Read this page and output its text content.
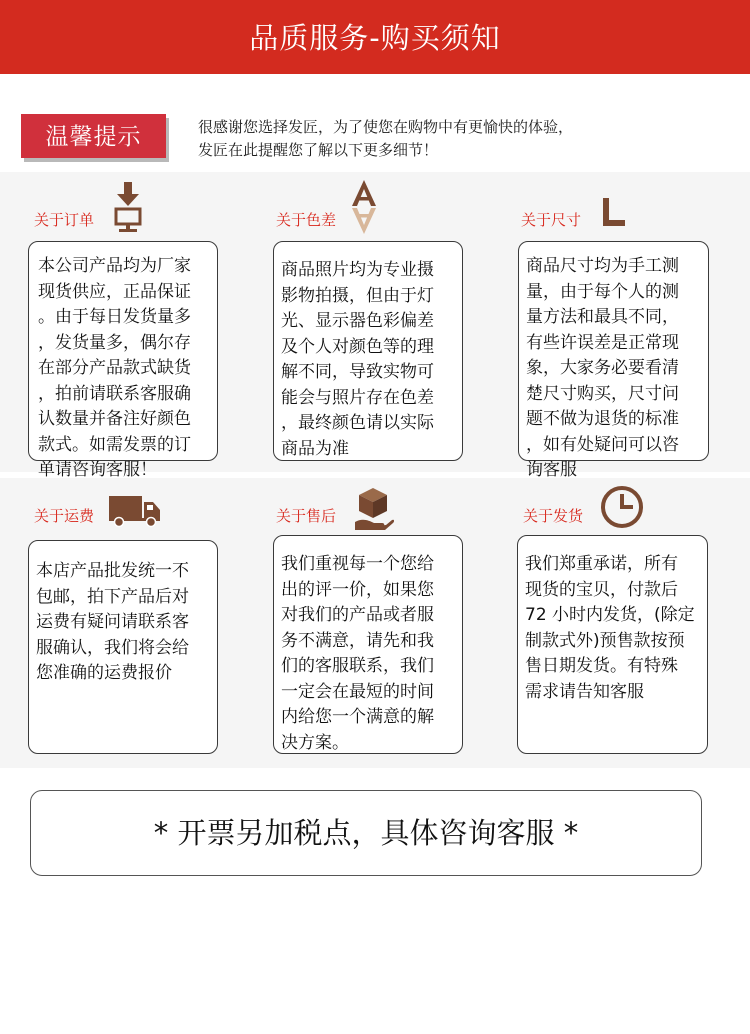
品质服务-购买须知
温馨提示	很感谢您选择发匠，为了使您在购物中有更愉快的体验，
发匠在此提醒您了解以下更多细节！
关于订单
本公司产品均为厂家
现货供应，正品保证
。由于每日发货量多
，发货量多，偶尔存
在部分产品款式缺货
，拍前请联系客服确
认数量并备注好颜色
款式。如需发票的订
单请咨询客服！
关于色差
商品照片均为专业摄
影物拍摄，但由于灯
光、显示器色彩偏差
及个人对颜色等的理
解不同，导致实物可
能会与照片存在色差
，最终颜色请以实际
商品为准
关于尺寸
商品尺寸均为手工测
量，由于每个人的测
量方法和最具不同，
有些许误差是正常现
象，大家务必要看清
楚尺寸购买，尺寸问
题不做为退货的标准
，如有处疑问可以咨
询客服
关于运费
本店产品批发统一不
包邮，拍下产品后对
运费有疑问请联系客
服确认，我们将会给
您准确的运费报价
关于售后
我们重视每一个您给
出的评一价，如果您
对我们的产品或者服
务不满意，请先和我
们的客服联系，我们
一定会在最短的时间
内给您一个满意的解
决方案。
关于发货
我们郑重承诺，所有
现货的宝贝，付款后
72 小时内发货，(除定
制款式外)预售款按预
售日期发货。有特殊
需求请告知客服
* 开票另加税点，具体咨询客服 *
